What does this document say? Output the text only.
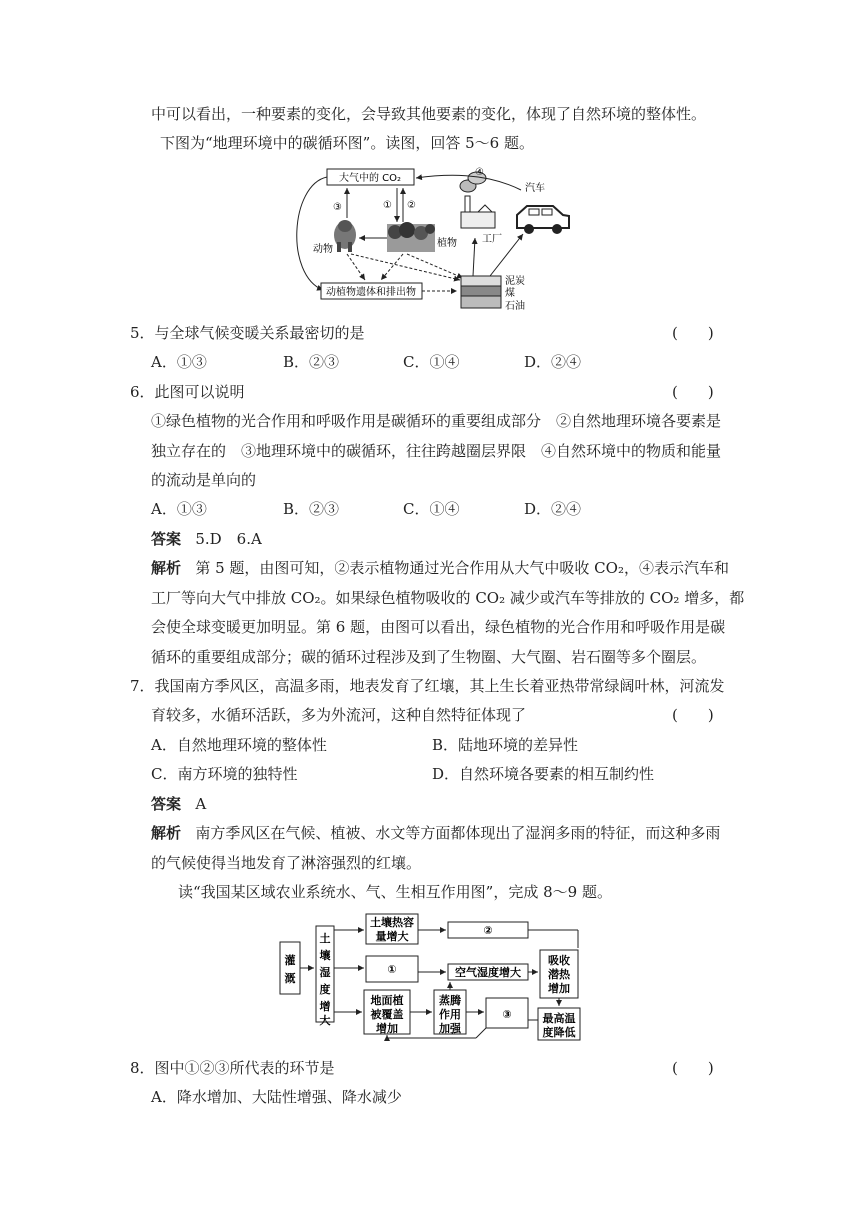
中可以看出，一种要素的变化，会导致其他要素的变化，体现了自然环境的整体性。
下图为“地理环境中的碳循环图”。读图，回答 5～6 题。
大气中的 CO₂
动植物遗体和排出物
③
动物
① ②
植物
泥炭
煤
石油
工厂
汽车
④
5．与全球气候变暖关系最密切的是	(　　)
A．①③	B．②③	C．①④	D．②④
6．此图可以说明	(　　)
①绿色植物的光合作用和呼吸作用是碳循环的重要组成部分　②自然地理环境各要素是
独立存在的　③地理环境中的碳循环，往往跨越圈层界限　④自然环境中的物质和能量
的流动是单向的
A．①③	B．②③	C．①④	D．②④
答案 5.D　6.A
解析 第 5 题，由图可知，②表示植物通过光合作用从大气中吸收 CO₂，④表示汽车和
工厂等向大气中排放 CO₂。如果绿色植物吸收的 CO₂ 减少或汽车等排放的 CO₂ 增多，都
会使全球变暖更加明显。第 6 题，由图可以看出，绿色植物的光合作用和呼吸作用是碳
循环的重要组成部分；碳的循环过程涉及到了生物圈、大气圈、岩石圈等多个圈层。
7．我国南方季风区，高温多雨，地表发育了红壤，其上生长着亚热带常绿阔叶林，河流发
育较多，水循环活跃，多为外流河，这种自然特征体现了	(　　)
A．自然地理环境的整体性	B．陆地环境的差异性
C．南方环境的独特性	D．自然环境各要素的相互制约性
答案 A
解析 南方季风区在气候、植被、水文等方面都体现出了湿润多雨的特征，而这种多雨
的气候使得当地发育了淋溶强烈的红壤。
读“我国某区域农业系统水、气、生相互作用图”，完成 8～9 题。
灌
溉
土
壤
湿
度
增
大
土壤热容
量增大	②
①	空气湿度增大
地面植
被覆盖
增加
蒸腾
作用
加强
③
吸收
潜热
增加
最高温
度降低
8．图中①②③所代表的环节是	(　　)
A．降水增加、大陆性增强、降水减少
